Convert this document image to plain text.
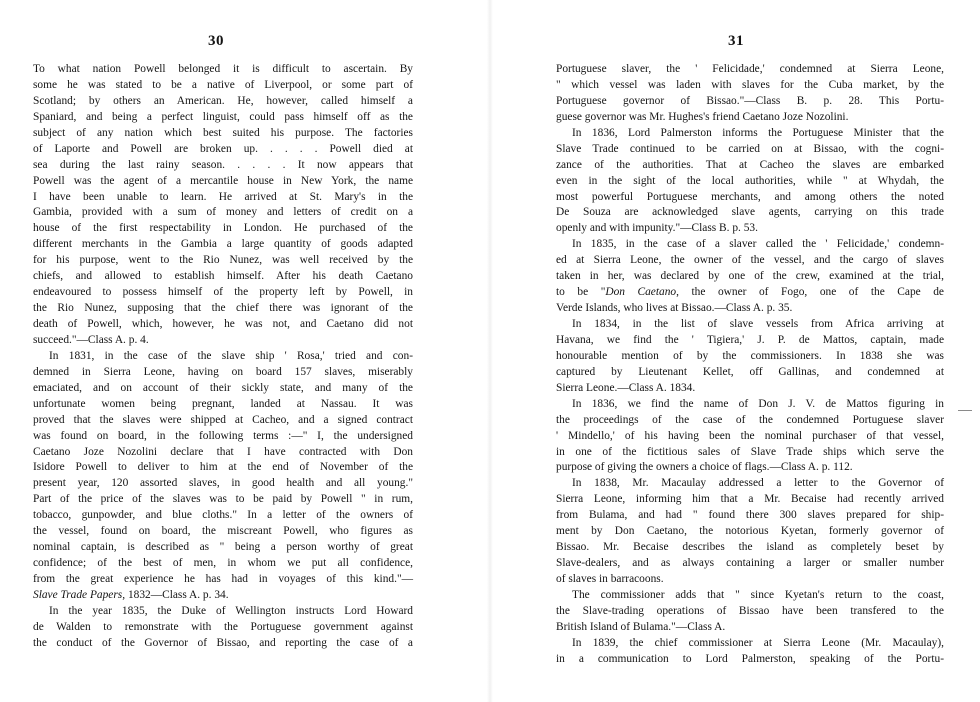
30
To what nation Powell belonged it is difficult to ascertain. By
some he was stated to be a native of Liverpool, or some part of
Scotland; by others an American. He, however, called himself a
Spaniard, and being a perfect linguist, could pass himself off as the
subject of any nation which best suited his purpose. The factories
of Laporte and Powell are broken up. . . . . Powell died at
sea during the last rainy season. . . . . It now appears that
Powell was the agent of a mercantile house in New York, the name
I have been unable to learn. He arrived at St. Mary's in the
Gambia, provided with a sum of money and letters of credit on a
house of the first respectability in London. He purchased of the
different merchants in the Gambia a large quantity of goods adapted
for his purpose, went to the Rio Nunez, was well received by the
chiefs, and allowed to establish himself. After his death Caetano
endeavoured to possess himself of the property left by Powell, in
the Rio Nunez, supposing that the chief there was ignorant of the
death of Powell, which, however, he was not, and Caetano did not
succeed."—Class A. p. 4.
In 1831, in the case of the slave ship ' Rosa,' tried and con-
demned in Sierra Leone, having on board 157 slaves, miserably
emaciated, and on account of their sickly state, and many of the
unfortunate women being pregnant, landed at Nassau. It was
proved that the slaves were shipped at Cacheo, and a signed contract
was found on board, in the following terms :—" I, the undersigned
Caetano Joze Nozolini declare that I have contracted with Don
Isidore Powell to deliver to him at the end of November of the
present year, 120 assorted slaves, in good health and all young."
Part of the price of the slaves was to be paid by Powell " in rum,
tobacco, gunpowder, and blue cloths." In a letter of the owners of
the vessel, found on board, the miscreant Powell, who figures as
nominal captain, is described as " being a person worthy of great
confidence; of the best of men, in whom we put all confidence,
from the great experience he has had in voyages of this kind."—
Slave Trade Papers, 1832—Class A. p. 34.
In the year 1835, the Duke of Wellington instructs Lord Howard
de Walden to remonstrate with the Portuguese government against
the conduct of the Governor of Bissao, and reporting the case of a
31
Portuguese slaver, the ' Felicidade,' condemned at Sierra Leone,
" which vessel was laden with slaves for the Cuba market, by the
Portuguese governor of Bissao."—Class B. p. 28. This Portu-
guese governor was Mr. Hughes's friend Caetano Joze Nozolini.
In 1836, Lord Palmerston informs the Portuguese Minister that the
Slave Trade continued to be carried on at Bissao, with the cogni-
zance of the authorities. That at Cacheo the slaves are embarked
even in the sight of the local authorities, while " at Whydah, the
most powerful Portuguese merchants, and among others the noted
De Souza are acknowledged slave agents, carrying on this trade
openly and with impunity."—Class B. p. 53.
In 1835, in the case of a slaver called the ' Felicidade,' condemn-
ed at Sierra Leone, the owner of the vessel, and the cargo of slaves
taken in her, was declared by one of the crew, examined at the trial,
to be "Don Caetano, the owner of Fogo, one of the Cape de
Verde Islands, who lives at Bissao.—Class A. p. 35.
In 1834, in the list of slave vessels from Africa arriving at
Havana, we find the ' Tigiera,' J. P. de Mattos, captain, made
honourable mention of by the commissioners. In 1838 she was
captured by Lieutenant Kellet, off Gallinas, and condemned at
Sierra Leone.—Class A. 1834.
In 1836, we find the name of Don J. V. de Mattos figuring in
the proceedings of the case of the condemned Portuguese slaver
' Mindello,' of his having been the nominal purchaser of that vessel,
in one of the fictitious sales of Slave Trade ships which serve the
purpose of giving the owners a choice of flags.—Class A. p. 112.
In 1838, Mr. Macaulay addressed a letter to the Governor of
Sierra Leone, informing him that a Mr. Becaise had recently arrived
from Bulama, and had " found there 300 slaves prepared for ship-
ment by Don Caetano, the notorious Kyetan, formerly governor of
Bissao. Mr. Becaise describes the island as completely beset by
Slave-dealers, and as always containing a larger or smaller number
of slaves in barracoons.
The commissioner adds that " since Kyetan's return to the coast,
the Slave-trading operations of Bissao have been transfered to the
British Island of Bulama."—Class A.
In 1839, the chief commissioner at Sierra Leone (Mr. Macaulay),
in a communication to Lord Palmerston, speaking of the Portu-
